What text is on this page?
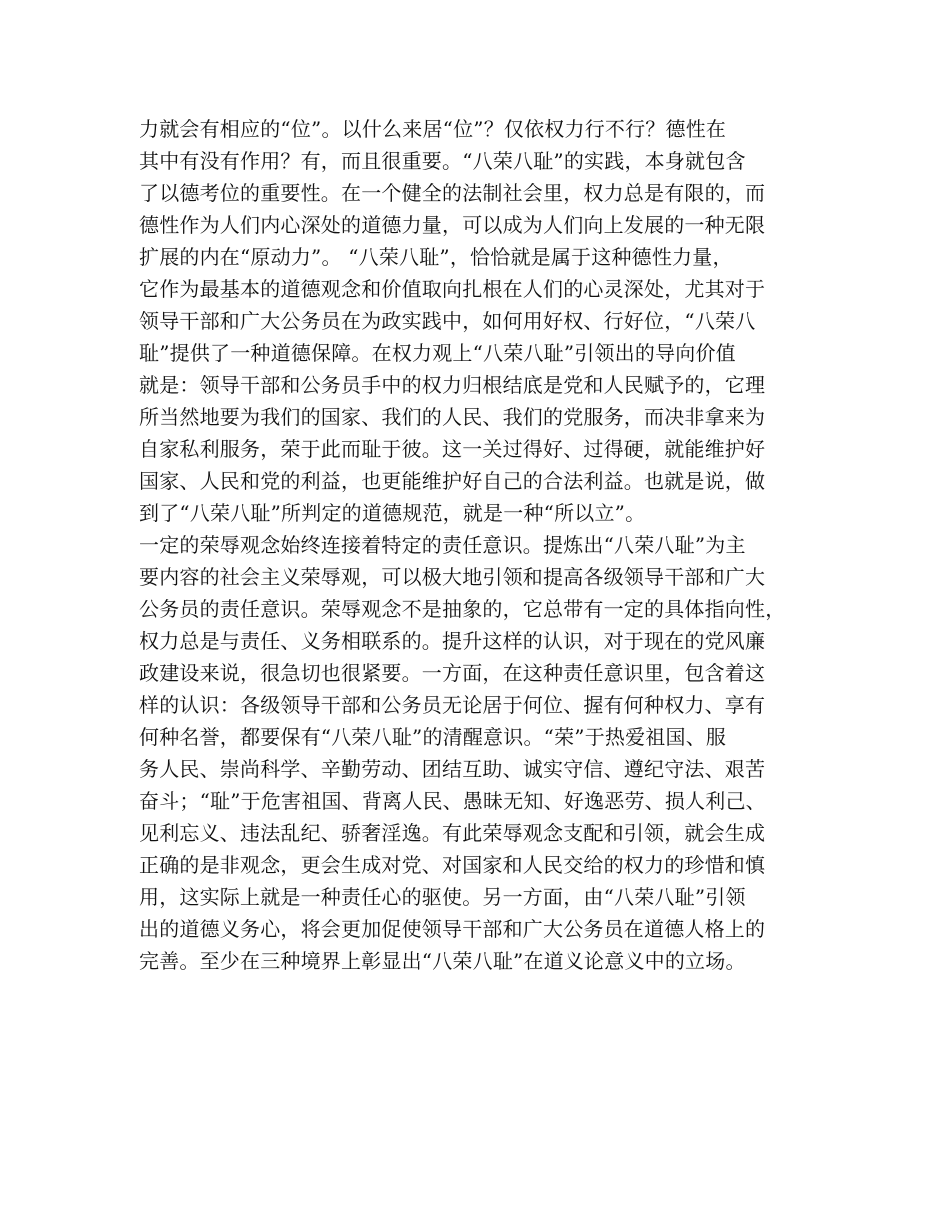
力就会有相应的“位”。以什么来居“位”？仅依权力行不行？德性在
其中有没有作用？有，而且很重要。“八荣八耻”的实践，本身就包含
了以德考位的重要性。在一个健全的法制社会里，权力总是有限的，而
德性作为人们内心深处的道德力量，可以成为人们向上发展的一种无限
扩展的内在“原动力”。 “八荣八耻”，恰恰就是属于这种德性力量，
它作为最基本的道德观念和价值取向扎根在人们的心灵深处，尤其对于
领导干部和广大公务员在为政实践中，如何用好权、行好位，“八荣八
耻”提供了一种道德保障。在权力观上“八荣八耻”引领出的导向价值
就是：领导干部和公务员手中的权力归根结底是党和人民赋予的，它理
所当然地要为我们的国家、我们的人民、我们的党服务，而决非拿来为
自家私利服务，荣于此而耻于彼。这一关过得好、过得硬，就能维护好
国家、人民和党的利益，也更能维护好自己的合法利益。也就是说，做
到了“八荣八耻”所判定的道德规范，就是一种“所以立”。
一定的荣辱观念始终连接着特定的责任意识。提炼出“八荣八耻”为主
要内容的社会主义荣辱观，可以极大地引领和提高各级领导干部和广大
公务员的责任意识。荣辱观念不是抽象的，它总带有一定的具体指向性，
权力总是与责任、义务相联系的。提升这样的认识，对于现在的党风廉
政建设来说，很急切也很紧要。一方面，在这种责任意识里，包含着这
样的认识：各级领导干部和公务员无论居于何位、握有何种权力、享有
何种名誉，都要保有“八荣八耻”的清醒意识。“荣”于热爱祖国、服
务人民、崇尚科学、辛勤劳动、团结互助、诚实守信、遵纪守法、艰苦
奋斗；“耻”于危害祖国、背离人民、愚昧无知、好逸恶劳、损人利己、
见利忘义、违法乱纪、骄奢淫逸。有此荣辱观念支配和引领，就会生成
正确的是非观念，更会生成对党、对国家和人民交给的权力的珍惜和慎
用，这实际上就是一种责任心的驱使。另一方面，由“八荣八耻”引领
出的道德义务心，将会更加促使领导干部和广大公务员在道德人格上的
完善。至少在三种境界上彰显出“八荣八耻”在道义论意义中的立场。
